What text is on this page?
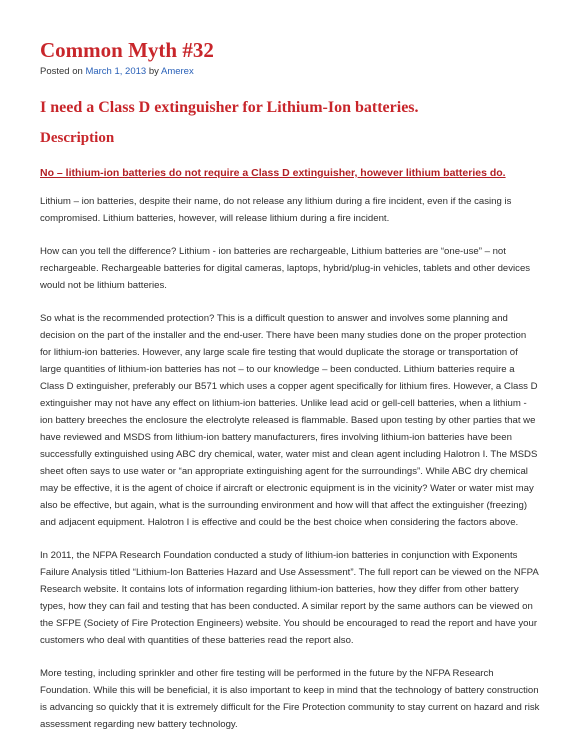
Common Myth #32
Posted on March 1, 2013 by Amerex
I need a Class D extinguisher for Lithium-Ion batteries.
Description
No – lithium-ion batteries do not require a Class D extinguisher, however lithium batteries do.

Lithium – ion batteries, despite their name, do not release any lithium during a fire incident, even if the casing is compromised. Lithium batteries, however, will release lithium during a fire incident.

How can you tell the difference? Lithium - ion batteries are rechargeable, Lithium batteries are “one-use” – not rechargeable. Rechargeable batteries for digital cameras, laptops, hybrid/plug-in vehicles, tablets and other devices would not be lithium batteries.

So what is the recommended protection? This is a difficult question to answer and involves some planning and decision on the part of the installer and the end-user. There have been many studies done on the proper protection for lithium-ion batteries. However, any large scale fire testing that would duplicate the storage or transportation of large quantities of lithium-ion batteries has not – to our knowledge – been conducted. Lithium batteries require a Class D extinguisher, preferably our B571 which uses a copper agent specifically for lithium fires. However, a Class D extinguisher may not have any effect on lithium-ion batteries. Unlike lead acid or gell-cell batteries, when a lithium - ion battery breeches the enclosure the electrolyte released is flammable. Based upon testing by other parties that we have reviewed and MSDS from lithium-ion battery manufacturers, fires involving lithium-ion batteries have been successfully extinguished using ABC dry chemical, water, water mist and clean agent including Halotron I. The MSDS sheet often says to use water or “an appropriate extinguishing agent for the surroundings”. While ABC dry chemical may be effective, it is the agent of choice if aircraft or electronic equipment is in the vicinity? Water or water mist may also be effective, but again, what is the surrounding environment and how will that affect the extinguisher (freezing) and adjacent equipment. Halotron I is effective and could be the best choice when considering the factors above.

In 2011, the NFPA Research Foundation conducted a study of lithium-ion batteries in conjunction with Exponents Failure Analysis titled “Lithium-Ion Batteries Hazard and Use Assessment”. The full report can be viewed on the NFPA Research website. It contains lots of information regarding lithium-ion batteries, how they differ from other battery types, how they can fail and testing that has been conducted. A similar report by the same authors can be viewed on the SFPE (Society of Fire Protection Engineers) website. You should be encouraged to read the report and have your customers who deal with quantities of these batteries read the report also.

More testing, including sprinkler and other fire testing will be performed in the future by the NFPA Research Foundation. While this will be beneficial, it is also important to keep in mind that the technology of battery construction is advancing so quickly that it is extremely difficult for the Fire Protection community to stay current on hazard and risk assessment regarding new battery technology.
